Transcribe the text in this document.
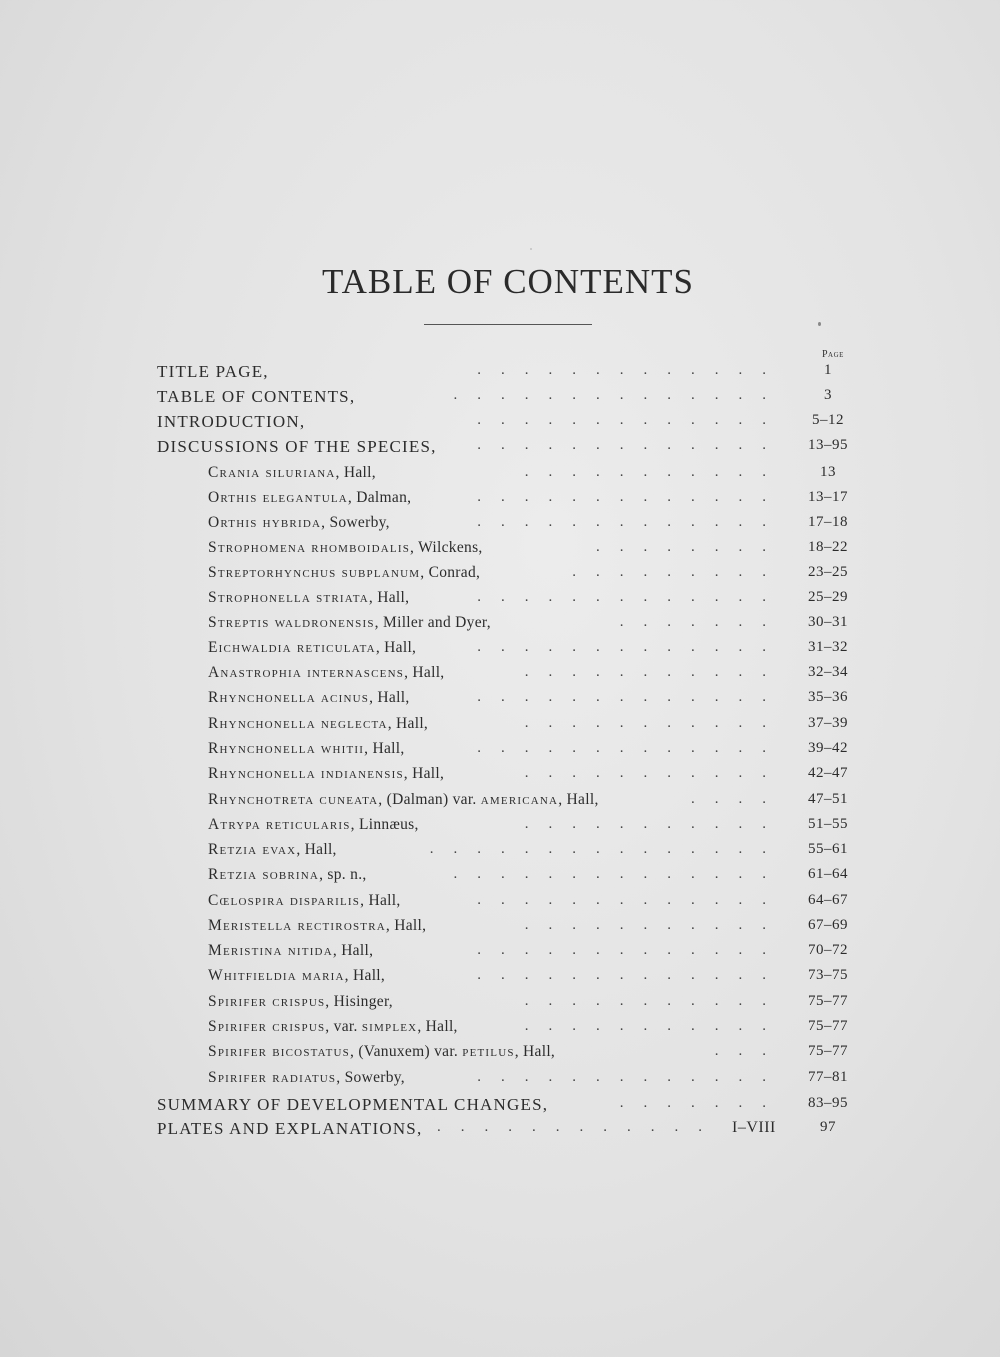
TABLE OF CONTENTS
Page
TITLE PAGE,	.............	1
TABLE OF CONTENTS,	..............	3
INTRODUCTION,	.............	5–12
DISCUSSIONS OF THE SPECIES,	.............	13–95
Crania siluriana, Hall,	...........	13
Orthis elegantula, Dalman,	.............	13–17
Orthis hybrida, Sowerby,	.............	17–18
Strophomena rhomboidalis, Wilckens,	........	18–22
Streptorhynchus subplanum, Conrad,	.........	23–25
Strophonella striata, Hall,	.............	25–29
Streptis waldronensis, Miller and Dyer,	.......	30–31
Eichwaldia reticulata, Hall,	.............	31–32
Anastrophia internascens, Hall,	...........	32–34
Rhynchonella acinus, Hall,	.............	35–36
Rhynchonella neglecta, Hall,	...........	37–39
Rhynchonella whitii, Hall,	.............	39–42
Rhynchonella indianensis, Hall,	...........	42–47
Rhynchotreta cuneata, (Dalman) var. americana, Hall,	....	47–51
Atrypa reticularis, Linnæus,	...........	51–55
Retzia evax, Hall,	...............	55–61
Retzia sobrina, sp. n.,	..............	61–64
Cœlospira disparilis, Hall,	.............	64–67
Meristella rectirostra, Hall,	...........	67–69
Meristina nitida, Hall,	.............	70–72
Whitfieldia maria, Hall,	.............	73–75
Spirifer crispus, Hisinger,	...........	75–77
Spirifer crispus, var. simplex, Hall,	...........	75–77
Spirifer bicostatus, (Vanuxem) var. petilus, Hall,	...	75–77
Spirifer radiatus, Sowerby,	.............	77–81
SUMMARY OF DEVELOPMENTAL CHANGES,	.......	83–95
PLATES AND EXPLANATIONS, ............ I–VIII	97
